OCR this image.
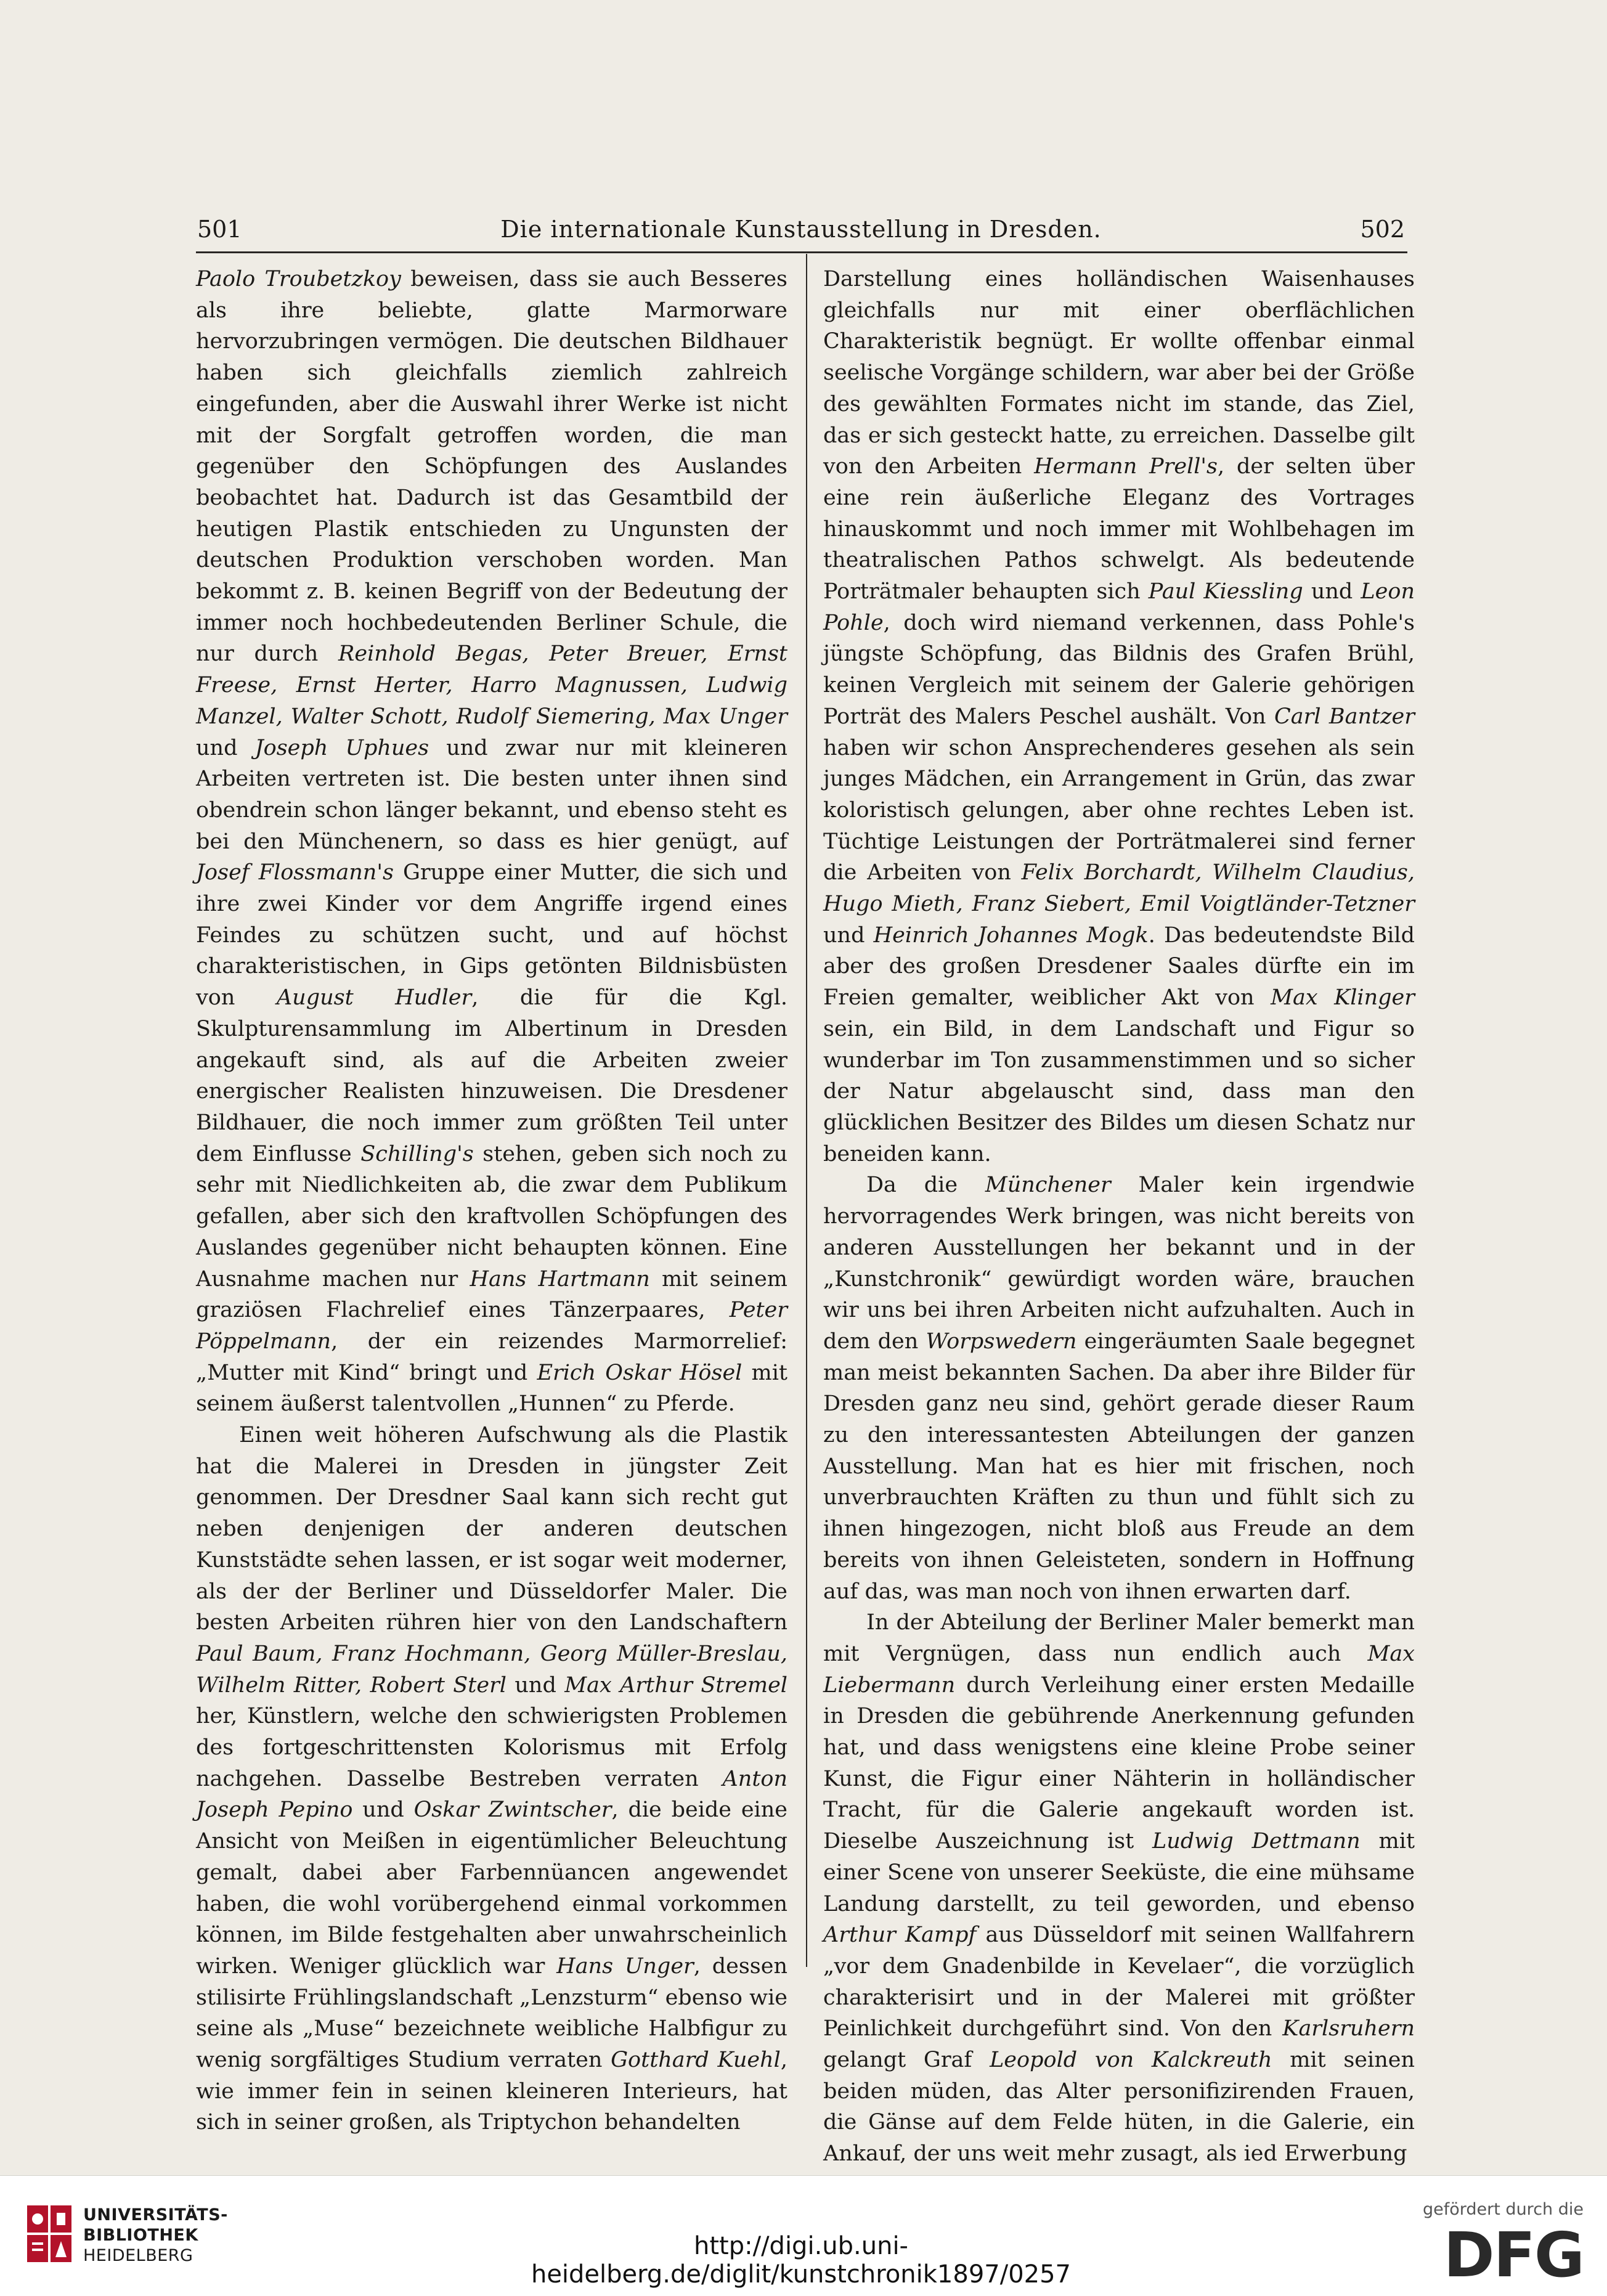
501	Die internationale Kunstausstellung in Dresden.	502

Paolo Troubetzkoy beweisen, dass sie auch Besseres als ihre beliebte, glatte Marmorware hervorzubringen vermögen. Die deutschen Bildhauer haben sich gleichfalls ziemlich zahlreich eingefunden, aber die Auswahl ihrer Werke ist nicht mit der Sorgfalt getroffen worden, die man gegenüber den Schöpfungen des Auslandes beobachtet hat. Dadurch ist das Gesamtbild der heutigen Plastik entschieden zu Ungunsten der deutschen Produktion verschoben worden. Man bekommt z. B. keinen Begriff von der Bedeutung der immer noch hochbedeutenden Berliner Schule, die nur durch Reinhold Begas, Peter Breuer, Ernst Freese, Ernst Herter, Harro Magnussen, Ludwig Manzel, Walter Schott, Rudolf Siemering, Max Unger und Joseph Uphues und zwar nur mit kleineren Arbeiten vertreten ist. Die besten unter ihnen sind obendrein schon länger bekannt, und ebenso steht es bei den Münchenern, so dass es hier genügt, auf Josef Flossmann's Gruppe einer Mutter, die sich und ihre zwei Kinder vor dem Angriffe irgend eines Feindes zu schützen sucht, und auf höchst charakteristischen, in Gips getönten Bildnisbüsten von August Hudler, die für die Kgl. Skulpturensammlung im Albertinum in Dresden angekauft sind, als auf die Arbeiten zweier energischer Realisten hinzuweisen. Die Dresdener Bildhauer, die noch immer zum größten Teil unter dem Einflusse Schilling's stehen, geben sich noch zu sehr mit Niedlichkeiten ab, die zwar dem Publikum gefallen, aber sich den kraftvollen Schöpfungen des Auslandes gegenüber nicht behaupten können. Eine Ausnahme machen nur Hans Hartmann mit seinem graziösen Flachrelief eines Tänzerpaares, Peter Pöppelmann, der ein reizendes Marmorrelief: „Mutter mit Kind“ bringt und Erich Oskar Hösel mit seinem äußerst talentvollen „Hunnen“ zu Pferde.

Einen weit höheren Aufschwung als die Plastik hat die Malerei in Dresden in jüngster Zeit genommen. Der Dresdner Saal kann sich recht gut neben denjenigen der anderen deutschen Kunststädte sehen lassen, er ist sogar weit moderner, als der der Berliner und Düsseldorfer Maler. Die besten Arbeiten rühren hier von den Landschaftern Paul Baum, Franz Hochmann, Georg Müller-Breslau, Wilhelm Ritter, Robert Sterl und Max Arthur Stremel her, Künstlern, welche den schwierigsten Problemen des fortgeschrittensten Kolorismus mit Erfolg nachgehen. Dasselbe Bestreben verraten Anton Joseph Pepino und Oskar Zwintscher, die beide eine Ansicht von Meißen in eigentümlicher Beleuchtung gemalt, dabei aber Farbennüancen angewendet haben, die wohl vorübergehend einmal vorkommen können, im Bilde festgehalten aber unwahrscheinlich wirken. Weniger glücklich war Hans Unger, dessen stilisirte Frühlingslandschaft „Lenzsturm“ ebenso wie seine als „Muse“ bezeichnete weibliche Halbfigur zu wenig sorgfältiges Studium verraten Gotthard Kuehl, wie immer fein in seinen kleineren Interieurs, hat sich in seiner großen, als Triptychon behandelten

Darstellung eines holländischen Waisenhauses gleichfalls nur mit einer oberflächlichen Charakteristik begnügt. Er wollte offenbar einmal seelische Vorgänge schildern, war aber bei der Größe des gewählten Formates nicht im stande, das Ziel, das er sich gesteckt hatte, zu erreichen. Dasselbe gilt von den Arbeiten Hermann Prell's, der selten über eine rein äußerliche Eleganz des Vortrages hinauskommt und noch immer mit Wohlbehagen im theatralischen Pathos schwelgt. Als bedeutende Porträtmaler behaupten sich Paul Kiessling und Leon Pohle, doch wird niemand verkennen, dass Pohle's jüngste Schöpfung, das Bildnis des Grafen Brühl, keinen Vergleich mit seinem der Galerie gehörigen Porträt des Malers Peschel aushält. Von Carl Bantzer haben wir schon Ansprechenderes gesehen als sein junges Mädchen, ein Arrangement in Grün, das zwar koloristisch gelungen, aber ohne rechtes Leben ist. Tüchtige Leistungen der Porträtmalerei sind ferner die Arbeiten von Felix Borchardt, Wilhelm Claudius, Hugo Mieth, Franz Siebert, Emil Voigtländer-Tetzner und Heinrich Johannes Mogk. Das bedeutendste Bild aber des großen Dresdener Saales dürfte ein im Freien gemalter, weiblicher Akt von Max Klinger sein, ein Bild, in dem Landschaft und Figur so wunderbar im Ton zusammenstimmen und so sicher der Natur abgelauscht sind, dass man den glücklichen Besitzer des Bildes um diesen Schatz nur beneiden kann.

Da die Münchener Maler kein irgendwie hervorragendes Werk bringen, was nicht bereits von anderen Ausstellungen her bekannt und in der „Kunstchronik“ gewürdigt worden wäre, brauchen wir uns bei ihren Arbeiten nicht aufzuhalten. Auch in dem den Worpswedern eingeräumten Saale begegnet man meist bekannten Sachen. Da aber ihre Bilder für Dresden ganz neu sind, gehört gerade dieser Raum zu den interessantesten Abteilungen der ganzen Ausstellung. Man hat es hier mit frischen, noch unverbrauchten Kräften zu thun und fühlt sich zu ihnen hingezogen, nicht bloß aus Freude an dem bereits von ihnen Geleisteten, sondern in Hoffnung auf das, was man noch von ihnen erwarten darf.

In der Abteilung der Berliner Maler bemerkt man mit Vergnügen, dass nun endlich auch Max Liebermann durch Verleihung einer ersten Medaille in Dresden die gebührende Anerkennung gefunden hat, und dass wenigstens eine kleine Probe seiner Kunst, die Figur einer Nähterin in holländischer Tracht, für die Galerie angekauft worden ist. Dieselbe Auszeichnung ist Ludwig Dettmann mit einer Scene von unserer Seeküste, die eine mühsame Landung darstellt, zu teil geworden, und ebenso Arthur Kampf aus Düsseldorf mit seinen Wallfahrern „vor dem Gnadenbilde in Kevelaer“, die vorzüglich charakterisirt und in der Malerei mit größter Peinlichkeit durchgeführt sind. Von den Karlsruhern gelangt Graf Leopold von Kalckreuth mit seinen beiden müden, das Alter personifizirenden Frauen, die Gänse auf dem Felde hüten, in die Galerie, ein Ankauf, der uns weit mehr zusagt, als ied Erwerbung

UNIVERSITÄTS-
BIBLIOTHEK
HEIDELBERG	http://digi.ub.uni-heidelberg.de/diglit/kunstchronik1897/0257
gefördert durch die
DFG
